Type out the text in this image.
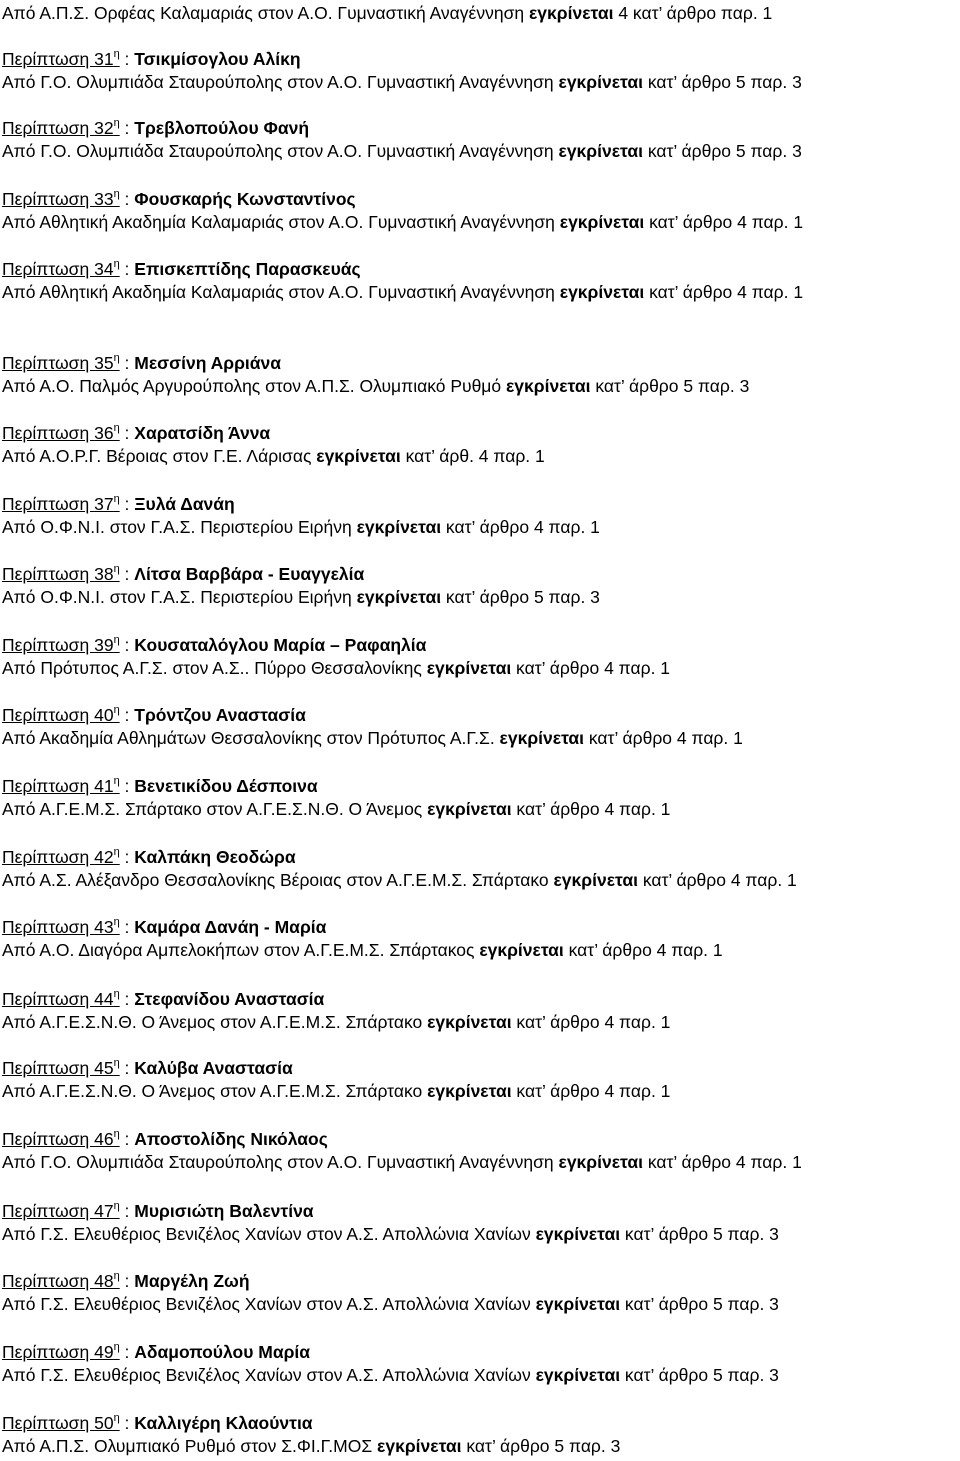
Από Α.Π.Σ. Ορφέας Καλαμαριάς στον Α.Ο. Γυμναστική Αναγέννηση εγκρίνεται 4 κατ’ άρθρο παρ. 1
Περίπτωση $31^\eta$ : Τσικμίσογλου Αλίκη
Από Γ.Ο. Ολυμπιάδα Σταυρούπολης στον Α.Ο. Γυμναστική Αναγέννηση εγκρίνεται κατ’ άρθρο 5 παρ. 3
Περίπτωση $32^\eta$ : Τρεβλοπούλου Φανή
Από Γ.Ο. Ολυμπιάδα Σταυρούπολης στον Α.Ο. Γυμναστική Αναγέννηση εγκρίνεται κατ’ άρθρο 5 παρ. 3
Περίπτωση $33^\eta$ : Φουσκαρής Κωνσταντίνος
Από Αθλητική Ακαδημία Καλαμαριάς στον Α.Ο. Γυμναστική Αναγέννηση εγκρίνεται κατ’ άρθρο 4 παρ. 1
Περίπτωση $34^\eta$ : Επισκεπτίδης Παρασκευάς
Από Αθλητική Ακαδημία Καλαμαριάς στον Α.Ο. Γυμναστική Αναγέννηση εγκρίνεται κατ’ άρθρο 4 παρ. 1
Περίπτωση $35^\eta$ : Μεσσίνη Αρριάνα
Από Α.Ο. Παλμός Αργυρούπολης στον Α.Π.Σ. Ολυμπιακό Ρυθμό εγκρίνεται κατ’ άρθρο 5 παρ. 3
Περίπτωση $36^\eta$ : Χαρατσίδη Άννα
Από Α.Ο.Ρ.Γ. Βέροιας στον Γ.Ε. Λάρισας εγκρίνεται κατ’ άρθ. 4 παρ. 1
Περίπτωση $37^\eta$ : Ξυλά Δανάη
Από Ο.Φ.Ν.Ι. στον Γ.Α.Σ. Περιστερίου Ειρήνη εγκρίνεται κατ’ άρθρο 4 παρ. 1
Περίπτωση $38^\eta$ : Λίτσα Βαρβάρα - Ευαγγελία
Από Ο.Φ.Ν.Ι. στον Γ.Α.Σ. Περιστερίου Ειρήνη εγκρίνεται κατ’ άρθρο 5 παρ. 3
Περίπτωση $39^\eta$ : Κουσαταλόγλου Μαρία – Ραφαηλία
Από Πρότυπος Α.Γ.Σ. στον Α.Σ.. Πύρρο Θεσσαλονίκης εγκρίνεται κατ’ άρθρο 4 παρ. 1
Περίπτωση $40^\eta$ : Τρόντζου Αναστασία
Από Ακαδημία Αθλημάτων Θεσσαλονίκης στον Πρότυπος Α.Γ.Σ. εγκρίνεται κατ’ άρθρο 4 παρ. 1
Περίπτωση $41^\eta$ : Βενετικίδου Δέσποινα
Από Α.Γ.Ε.Μ.Σ. Σπάρτακο στον Α.Γ.Ε.Σ.Ν.Θ. Ο Άνεμος εγκρίνεται κατ’ άρθρο 4 παρ. 1
Περίπτωση $42^\eta$ : Καλπάκη Θεοδώρα
Από Α.Σ. Αλέξανδρο Θεσσαλονίκης Βέροιας στον Α.Γ.Ε.Μ.Σ. Σπάρτακο εγκρίνεται κατ’ άρθρο 4 παρ. 1
Περίπτωση $43^\eta$ : Καμάρα Δανάη - Μαρία
Από Α.Ο. Διαγόρα Αμπελοκήπων στον Α.Γ.Ε.Μ.Σ. Σπάρτακος εγκρίνεται κατ’ άρθρο 4 παρ. 1
Περίπτωση $44^\eta$ : Στεφανίδου Αναστασία
Από Α.Γ.Ε.Σ.Ν.Θ. Ο Άνεμος στον Α.Γ.Ε.Μ.Σ. Σπάρτακο εγκρίνεται κατ’ άρθρο 4 παρ. 1
Περίπτωση $45^\eta$ : Καλύβα Αναστασία
Από Α.Γ.Ε.Σ.Ν.Θ. Ο Άνεμος στον Α.Γ.Ε.Μ.Σ. Σπάρτακο εγκρίνεται κατ’ άρθρο 4 παρ. 1
Περίπτωση $46^\eta$ : Αποστολίδης Νικόλαος
Από Γ.Ο. Ολυμπιάδα Σταυρούπολης στον Α.Ο. Γυμναστική Αναγέννηση εγκρίνεται κατ’ άρθρο 4 παρ. 1
Περίπτωση $47^\eta$ : Μυρισιώτη Βαλεντίνα
Από Γ.Σ. Ελευθέριος Βενιζέλος Χανίων στον Α.Σ. Απολλώνια Χανίων εγκρίνεται κατ’ άρθρο 5 παρ. 3
Περίπτωση $48^\eta$ : Μαργέλη Ζωή
Από Γ.Σ. Ελευθέριος Βενιζέλος Χανίων στον Α.Σ. Απολλώνια Χανίων εγκρίνεται κατ’ άρθρο 5 παρ. 3
Περίπτωση $49^\eta$ : Αδαμοπούλου Μαρία
Από Γ.Σ. Ελευθέριος Βενιζέλος Χανίων στον Α.Σ. Απολλώνια Χανίων εγκρίνεται κατ’ άρθρο 5 παρ. 3
Περίπτωση $50^\eta$ : Καλλιγέρη Κλαούντια
Από Α.Π.Σ. Ολυμπιακό Ρυθμό στον Σ.ΦΙ.Γ.ΜΟΣ εγκρίνεται κατ’ άρθρο 5 παρ. 3
